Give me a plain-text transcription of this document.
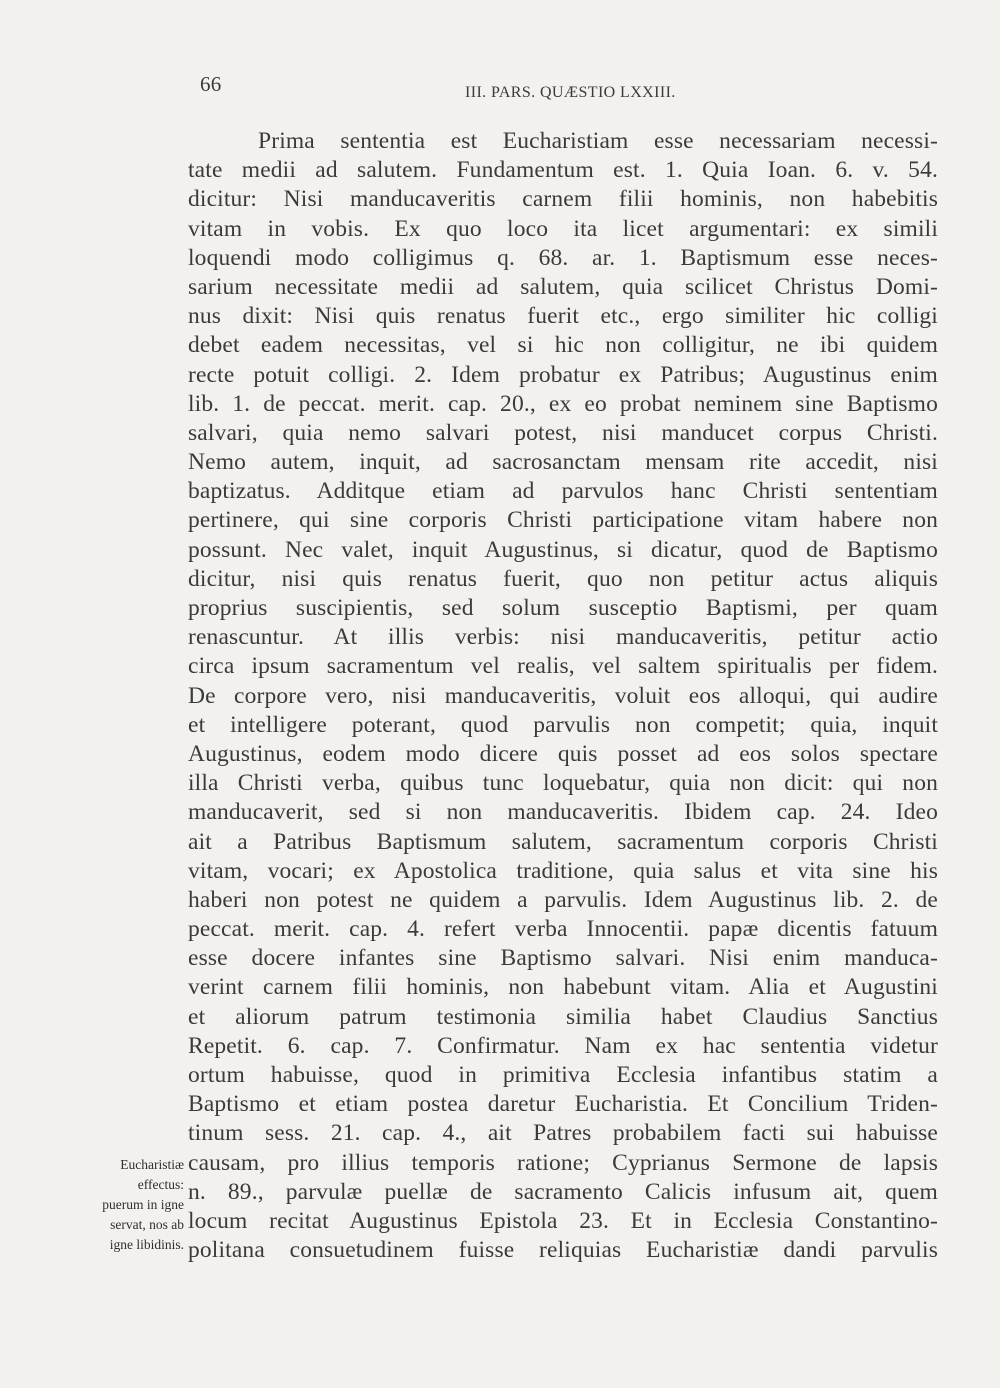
66	III. PARS. QUÆSTIO LXXIII.
Eucharistiæ
effectus:
puerum in igne
servat, nos ab
igne libidinis.
Prima sententia est Eucharistiam esse necessariam necessi-
tate medii ad salutem. Fundamentum est. 1. Quia Ioan. 6. v. 54.
dicitur: Nisi manducaveritis carnem filii hominis, non habebitis
vitam in vobis. Ex quo loco ita licet argumentari: ex simili
loquendi modo colligimus q. 68. ar. 1. Baptismum esse neces-
sarium necessitate medii ad salutem, quia scilicet Christus Domi-
nus dixit: Nisi quis renatus fuerit etc., ergo similiter hic colligi
debet eadem necessitas, vel si hic non colligitur, ne ibi quidem
recte potuit colligi. 2. Idem probatur ex Patribus; Augustinus enim
lib. 1. de peccat. merit. cap. 20., ex eo probat neminem sine Baptismo
salvari, quia nemo salvari potest, nisi manducet corpus Christi.
Nemo autem, inquit, ad sacrosanctam mensam rite accedit, nisi
baptizatus. Additque etiam ad parvulos hanc Christi sententiam
pertinere, qui sine corporis Christi participatione vitam habere non
possunt. Nec valet, inquit Augustinus, si dicatur, quod de Baptismo
dicitur, nisi quis renatus fuerit, quo non petitur actus aliquis
proprius suscipientis, sed solum susceptio Baptismi, per quam
renascuntur. At illis verbis: nisi manducaveritis, petitur actio
circa ipsum sacramentum vel realis, vel saltem spiritualis per fidem.
De corpore vero, nisi manducaveritis, voluit eos alloqui, qui audire
et intelligere poterant, quod parvulis non competit; quia, inquit
Augustinus, eodem modo dicere quis posset ad eos solos spectare
illa Christi verba, quibus tunc loquebatur, quia non dicit: qui non
manducaverit, sed si non manducaveritis. Ibidem cap. 24. Ideo
ait a Patribus Baptismum salutem, sacramentum corporis Christi
vitam, vocari; ex Apostolica traditione, quia salus et vita sine his
haberi non potest ne quidem a parvulis. Idem Augustinus lib. 2. de
peccat. merit. cap. 4. refert verba Innocentii. papæ dicentis fatuum
esse docere infantes sine Baptismo salvari. Nisi enim manduca-
verint carnem filii hominis, non habebunt vitam. Alia et Augustini
et aliorum patrum testimonia similia habet Claudius Sanctius
Repetit. 6. cap. 7. Confirmatur. Nam ex hac sententia videtur
ortum habuisse, quod in primitiva Ecclesia infantibus statim a
Baptismo et etiam postea daretur Eucharistia. Et Concilium Triden-
tinum sess. 21. cap. 4., ait Patres probabilem facti sui habuisse
causam, pro illius temporis ratione; Cyprianus Sermone de lapsis
n. 89., parvulæ puellæ de sacramento Calicis infusum ait, quem
locum recitat Augustinus Epistola 23. Et in Ecclesia Constantino-
politana consuetudinem fuisse reliquias Eucharistiæ dandi parvulis
